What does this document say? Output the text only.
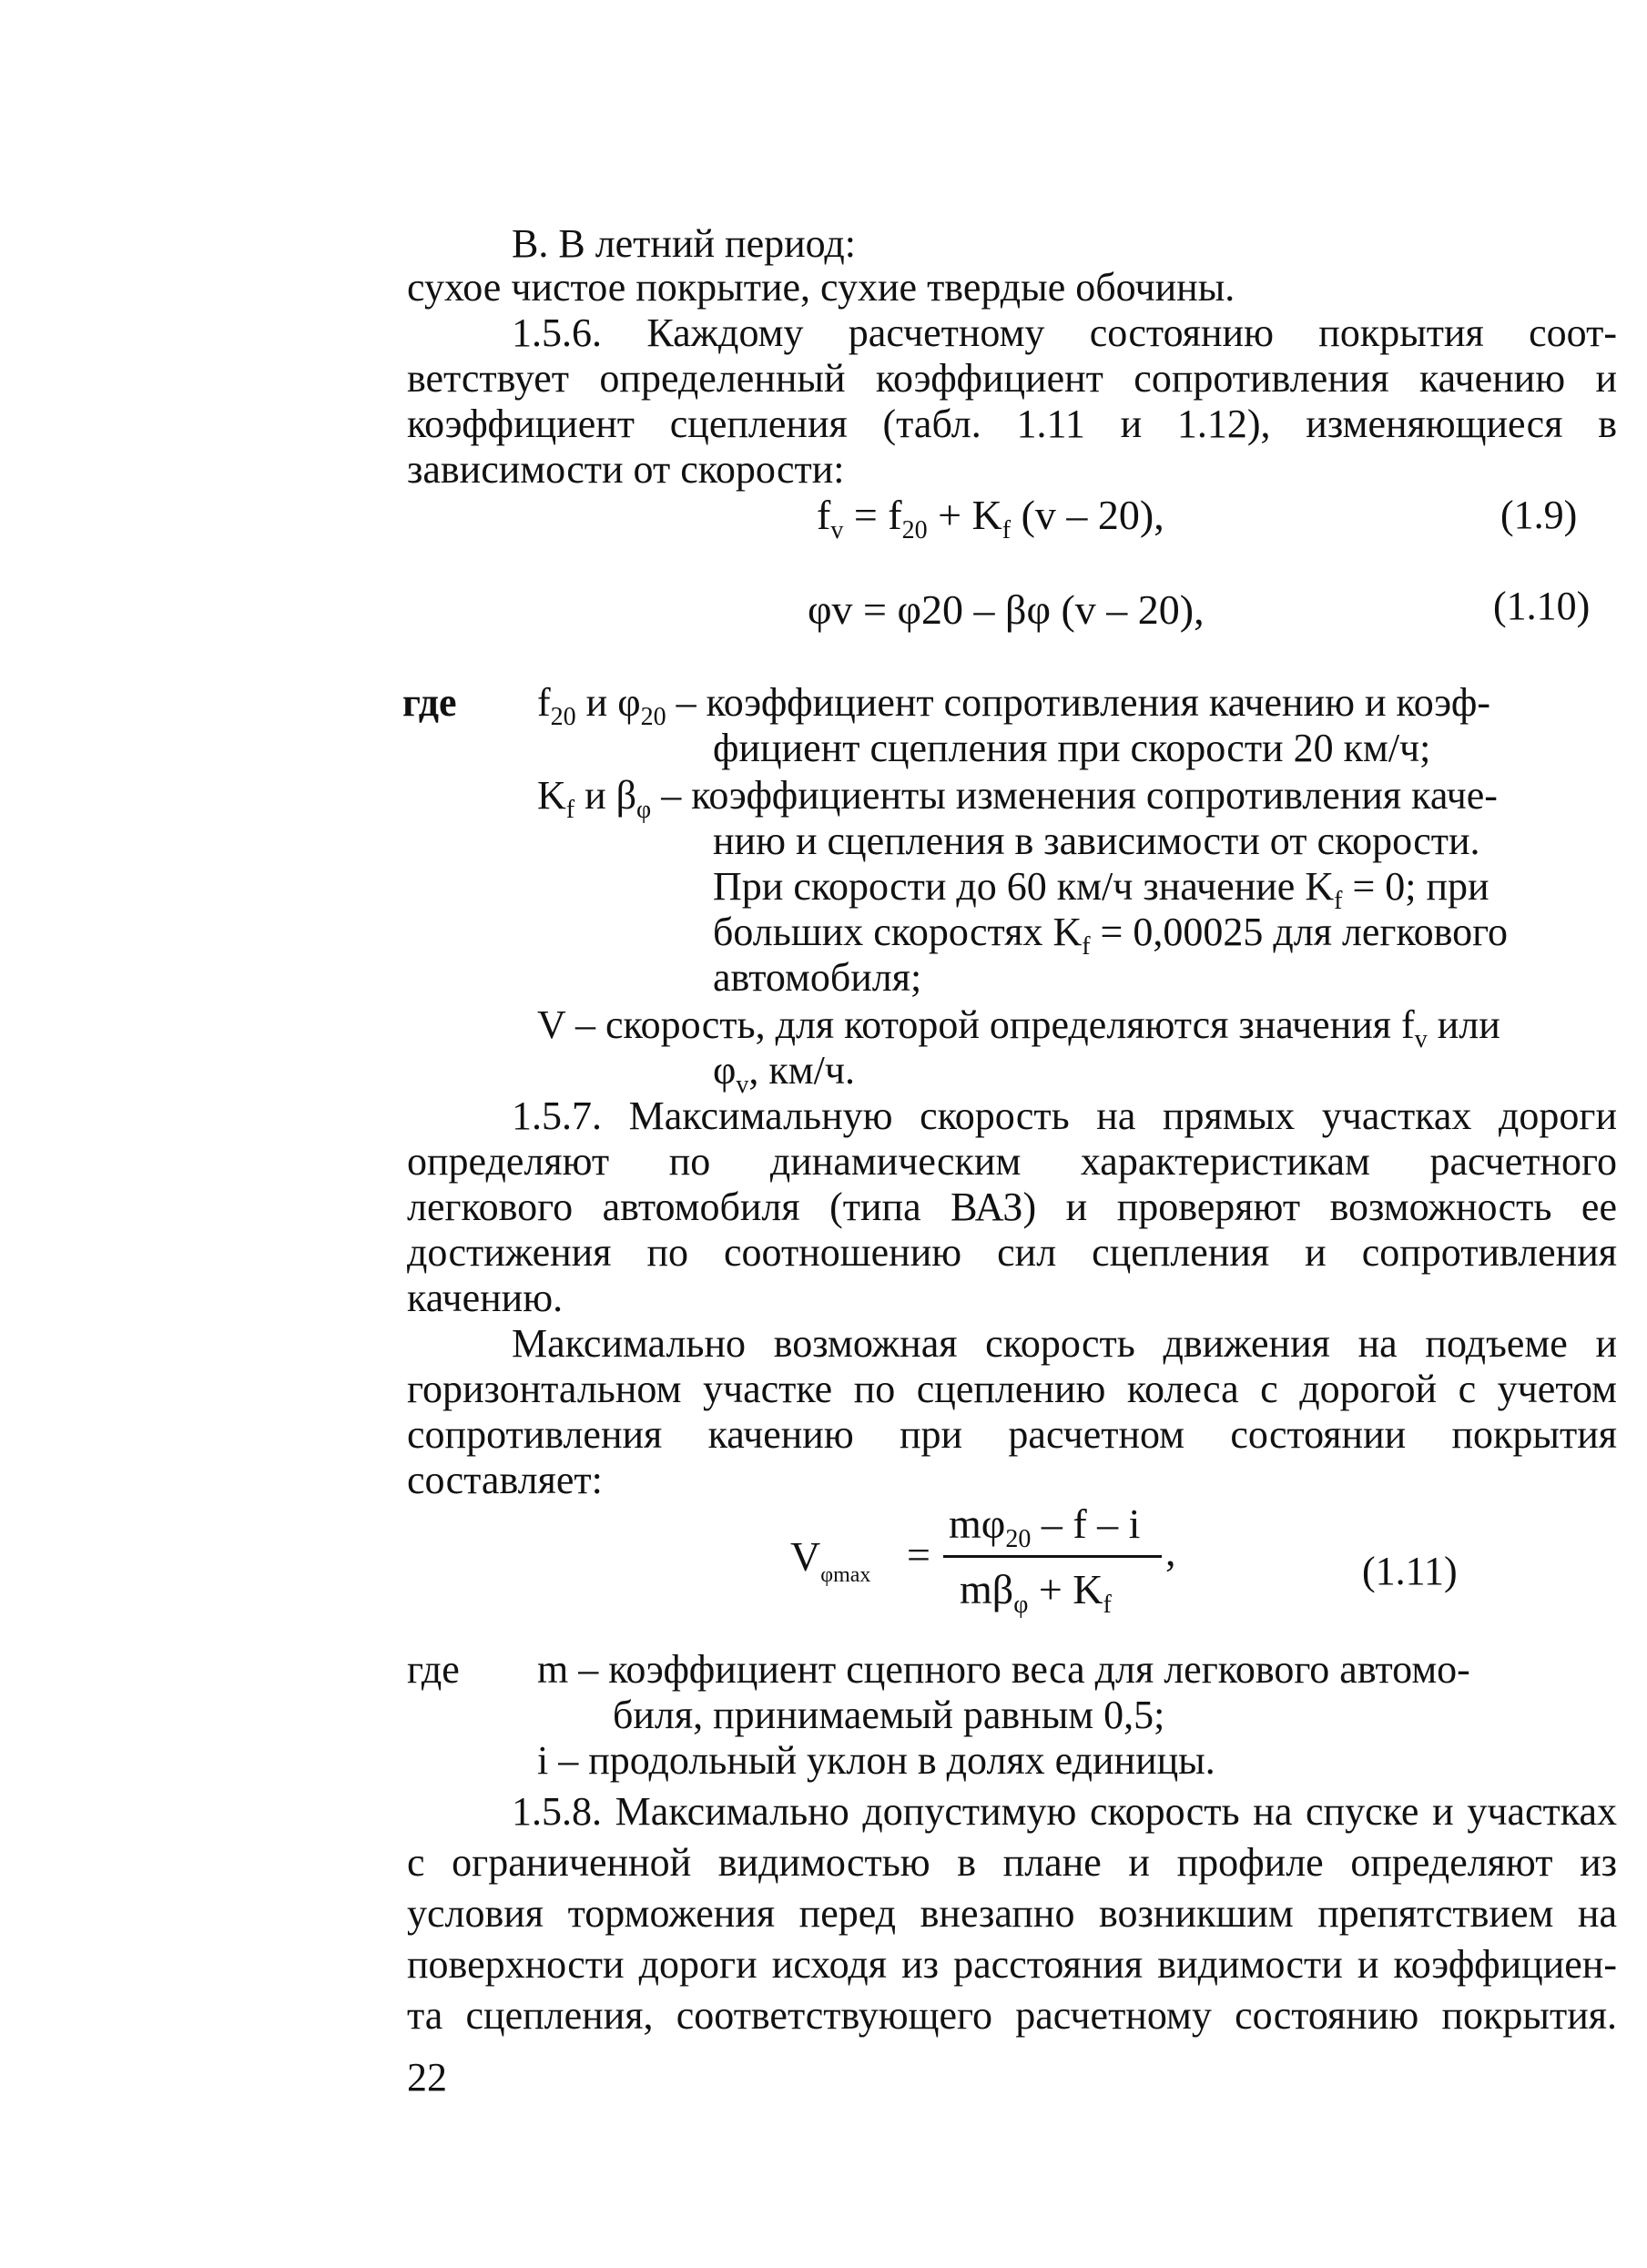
В. В летний период:
сухое чистое покрытие, сухие твердые обочины.
1.5.6. Каждому расчетному состоянию покрытия соот-
ветствует определенный коэффициент сопротивления качению и
коэффициент сцепления (табл. 1.11 и 1.12), изменяющиеся в
зависимости от скорости:
$f_v = f_{20} + K_f$ (v – 20),	(1.9)
φv = φ20 – βφ (v – 20),	(1.10)
где $f_{20}$ и $\varphi_{20}$ – коэффициент сопротивления качению и коэф-
фициент сцепления при скорости 20 км/ч;
$K_f$ и $\beta_\varphi$ – коэффициенты изменения сопротивления каче-
нию и сцепления в зависимости от скорости.
При скорости до 60 км/ч значение $K_f = 0$; при
больших скоростях $K_f = 0,00025$ для легкового
автомобиля;
V – скорость, для которой определяются значения $f_v$ или
$\varphi_v$, км/ч.
1.5.7. Максимальную скорость на прямых участках дороги
определяют по динамическим характеристикам расчетного
легкового автомобиля (типа ВАЗ) и проверяют возможность ее
достижения по соотношению сил сцепления и сопротивления
качению.
Максимально возможная скорость движения на подъеме и
горизонтальном участке по сцеплению колеса с дорогой с учетом
сопротивления качению при расчетном состоянии покрытия
составляет:
$V_{\varphi max}$ =
$m\varphi_{20}$ – f – i
$m\beta_\varphi + K_f$
,	(1.11)
где m – коэффициент сцепного веса для легкового автомо-
биля, принимаемый равным 0,5;
i – продольный уклон в долях единицы.
1.5.8. Максимально допустимую скорость на спуске и участках
с ограниченной видимостью в плане и профиле определяют из
условия торможения перед внезапно возникшим препятствием на
поверхности дороги исходя из расстояния видимости и коэффициен-
та сцепления, соответствующего расчетному состоянию покрытия.
22
